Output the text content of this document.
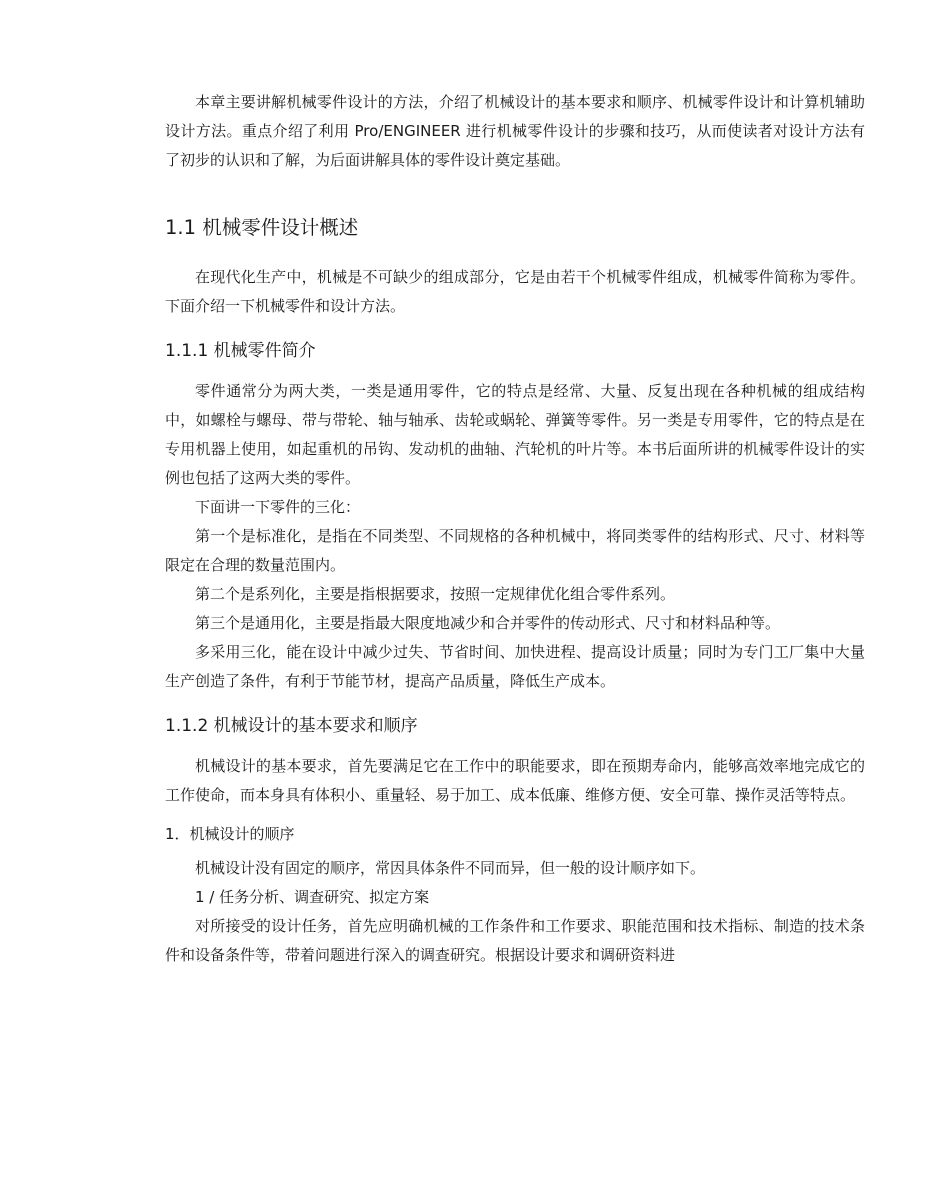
本章主要讲解机械零件设计的方法，介绍了机械设计的基本要求和顺序、机械零件设计和计算机辅助设计方法。重点介绍了利用 Pro/ENGINEER 进行机械零件设计的步骤和技巧，从而使读者对设计方法有了初步的认识和了解，为后面讲解具体的零件设计奠定基础。

1.1 机械零件设计概述

在现代化生产中，机械是不可缺少的组成部分，它是由若干个机械零件组成，机械零件简称为零件。下面介绍一下机械零件和设计方法。

1.1.1 机械零件简介

零件通常分为两大类，一类是通用零件，它的特点是经常、大量、反复出现在各种机械的组成结构中，如螺栓与螺母、带与带轮、轴与轴承、齿轮或蜗轮、弹簧等零件。另一类是专用零件，它的特点是在专用机器上使用，如起重机的吊钩、发动机的曲轴、汽轮机的叶片等。本书后面所讲的机械零件设计的实例也包括了这两大类的零件。

下面讲一下零件的三化：

第一个是标准化，是指在不同类型、不同规格的各种机械中，将同类零件的结构形式、尺寸、材料等限定在合理的数量范围内。

第二个是系列化，主要是指根据要求，按照一定规律优化组合零件系列。

第三个是通用化，主要是指最大限度地减少和合并零件的传动形式、尺寸和材料品种等。

多采用三化，能在设计中减少过失、节省时间、加快进程、提高设计质量；同时为专门工厂集中大量生产创造了条件，有利于节能节材，提高产品质量，降低生产成本。

1.1.2 机械设计的基本要求和顺序

机械设计的基本要求，首先要满足它在工作中的职能要求，即在预期寿命内，能够高效率地完成它的工作使命，而本身具有体积小、重量轻、易于加工、成本低廉、维修方便、安全可靠、操作灵活等特点。

1．机械设计的顺序

机械设计没有固定的顺序，常因具体条件不同而异，但一般的设计顺序如下。

1 / 任务分析、调查研究、拟定方案

对所接受的设计任务，首先应明确机械的工作条件和工作要求、职能范围和技术指标、制造的技术条件和设备条件等，带着问题进行深入的调查研究。根据设计要求和调研资料进
